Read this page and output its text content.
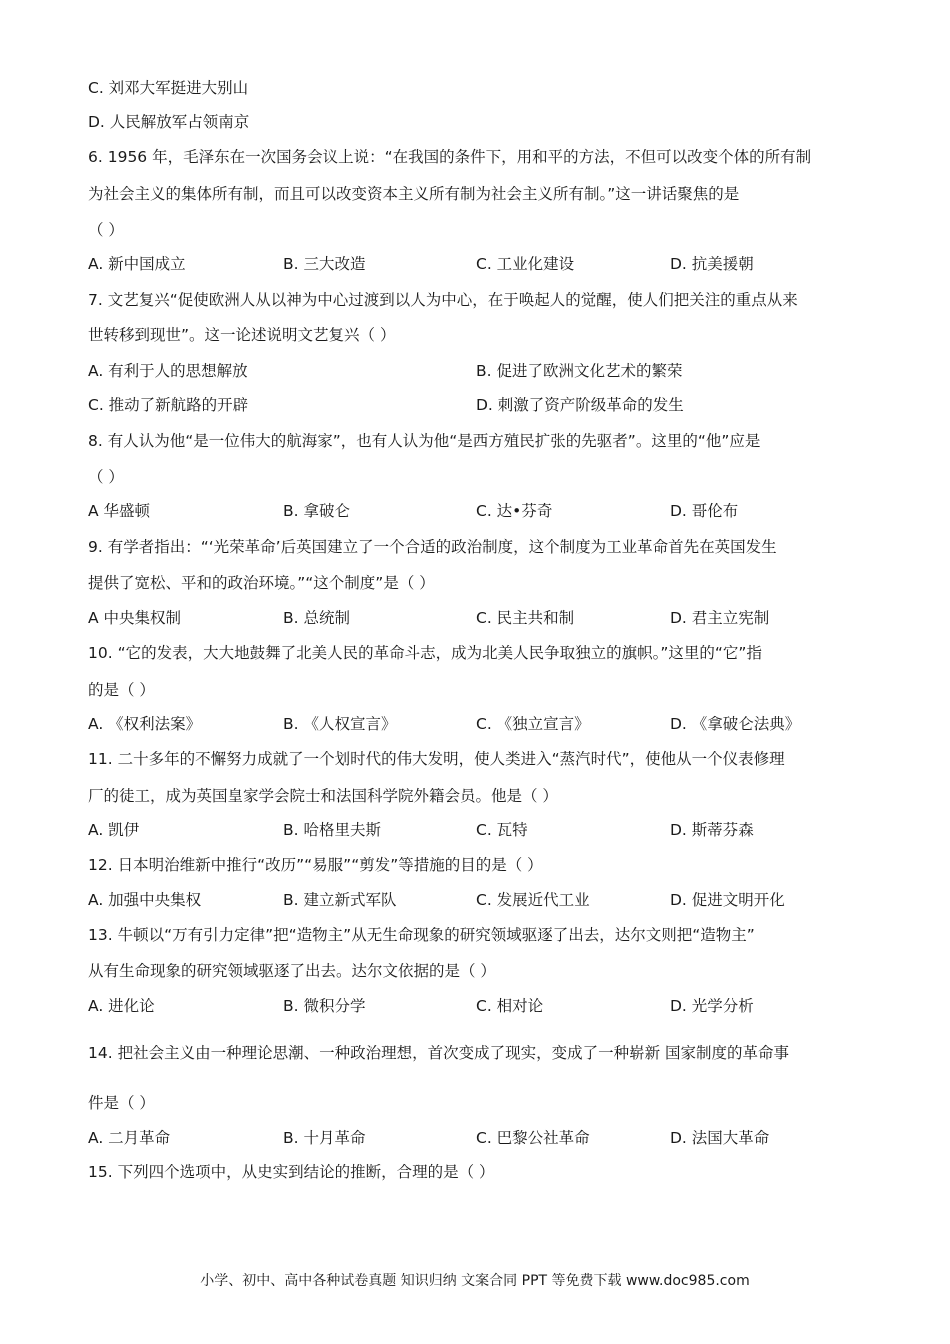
C. 刘邓大军挺进大别山
D. 人民解放军占领南京
6. 1956 年，毛泽东在一次国务会议上说：“在我国的条件下，用和平的方法，不但可以改变个体的所有制
为社会主义的集体所有制，而且可以改变资本主义所有制为社会主义所有制。”这一讲话聚焦的是
（ ）
A. 新中国成立	B. 三大改造	C. 工业化建设	D. 抗美援朝
7. 文艺复兴“促使欧洲人从以神为中心过渡到以人为中心，在于唤起人的觉醒，使人们把关注的重点从来
世转移到现世”。这一论述说明文艺复兴（ ）
A. 有利于人的思想解放	B. 促进了欧洲文化艺术的繁荣
C. 推动了新航路的开辟	D. 刺激了资产阶级革命的发生
8. 有人认为他“是一位伟大的航海家”，也有人认为他“是西方殖民扩张的先驱者”。这里的“他”应是
（ ）
A 华盛顿	B. 拿破仑	C. 达•芬奇	D. 哥伦布
9. 有学者指出：“‘光荣革命’后英国建立了一个合适的政治制度，这个制度为工业革命首先在英国发生
提供了宽松、平和的政治环境。”“这个制度”是（ ）
A 中央集权制	B. 总统制	C. 民主共和制	D. 君主立宪制
10. “它的发表，大大地鼓舞了北美人民的革命斗志，成为北美人民争取独立的旗帜。”这里的“它”指
的是（ ）
A. 《权利法案》	B. 《人权宣言》	C. 《独立宣言》	D. 《拿破仑法典》
11. 二十多年的不懈努力成就了一个划时代的伟大发明，使人类进入“蒸汽时代”，使他从一个仪表修理
厂的徒工，成为英国皇家学会院士和法国科学院外籍会员。他是（ ）
A. 凯伊	B. 哈格里夫斯	C. 瓦特	D. 斯蒂芬森
12. 日本明治维新中推行“改历”“易服”“剪发”等措施的目的是（ ）
A. 加强中央集权	B. 建立新式军队	C. 发展近代工业	D. 促进文明开化
13. 牛顿以“万有引力定律”把“造物主”从无生命现象的研究领域驱逐了出去，达尔文则把“造物主”
从有生命现象的研究领域驱逐了出去。达尔文依据的是（ ）
A. 进化论	B. 微积分学	C. 相对论	D. 光学分析
14. 把社会主义由一种理论思潮、一种政治理想，首次变成了现实，变成了一种崭新 国家制度的革命事
件是（ ）
A. 二月革命	B. 十月革命	C. 巴黎公社革命	D. 法国大革命
15. 下列四个选项中，从史实到结论的推断，合理的是（ ）
小学、初中、高中各种试卷真题 知识归纳 文案合同 PPT 等免费下载 www.doc985.com
